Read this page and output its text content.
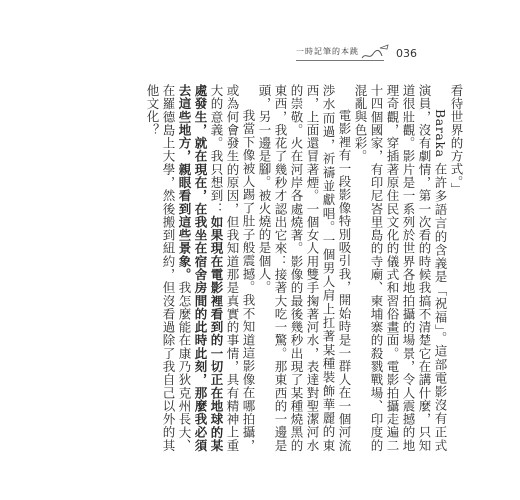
一時記筆的本跳	036

看待世界的方式。」

Baraka 在許多語言的含義是「祝福」。這部電影沒有正式演員，沒有劇情，第一次看的時候我搞不清楚它在講什麼，只知道很壯觀。影片是一系列於世界各地拍攝的場景，令人震撼的地理奇觀，穿插著原住民文化的儀式和習俗畫面。電影拍攝走遍二十四個國家，有印尼峇里島的寺廟、柬埔寨的殺戮戰場、印度的混亂與色彩。

電影裡有一段影像特別吸引我，開始時是一群人在一個河流渉水而過，祈禱並獻唱。一個男人肩上扛著某種裝飾華麗的東西，上面還冒著煙。一個女人用雙手掬著河水，表達對聖潔河水的崇敬。火在河岸各處燒著。影像的最後幾秒出現了某種燒黑的東西，我花了幾秒才認出它來：接著大吃一驚。那東西的一邊是頭，另一邊是腳。被火燒的是個人。

我當下像被人踢了肚子般震撼。我不知道這影像在哪拍攝，或為何會發生的原因，但我知道那是真實的事情，具有精神上重大的意義。我只想到：如果現在電影裡看到的一切正在地球的某處發生，就在現在，在我坐在宿舍房間的此時此刻，那麼我必須去這些地方，親眼看到這些景象。我怎麼能在康乃狄克州長大、在羅德島上大學，然後搬到紐約，但沒看過除了我自己以外的其他文化？
